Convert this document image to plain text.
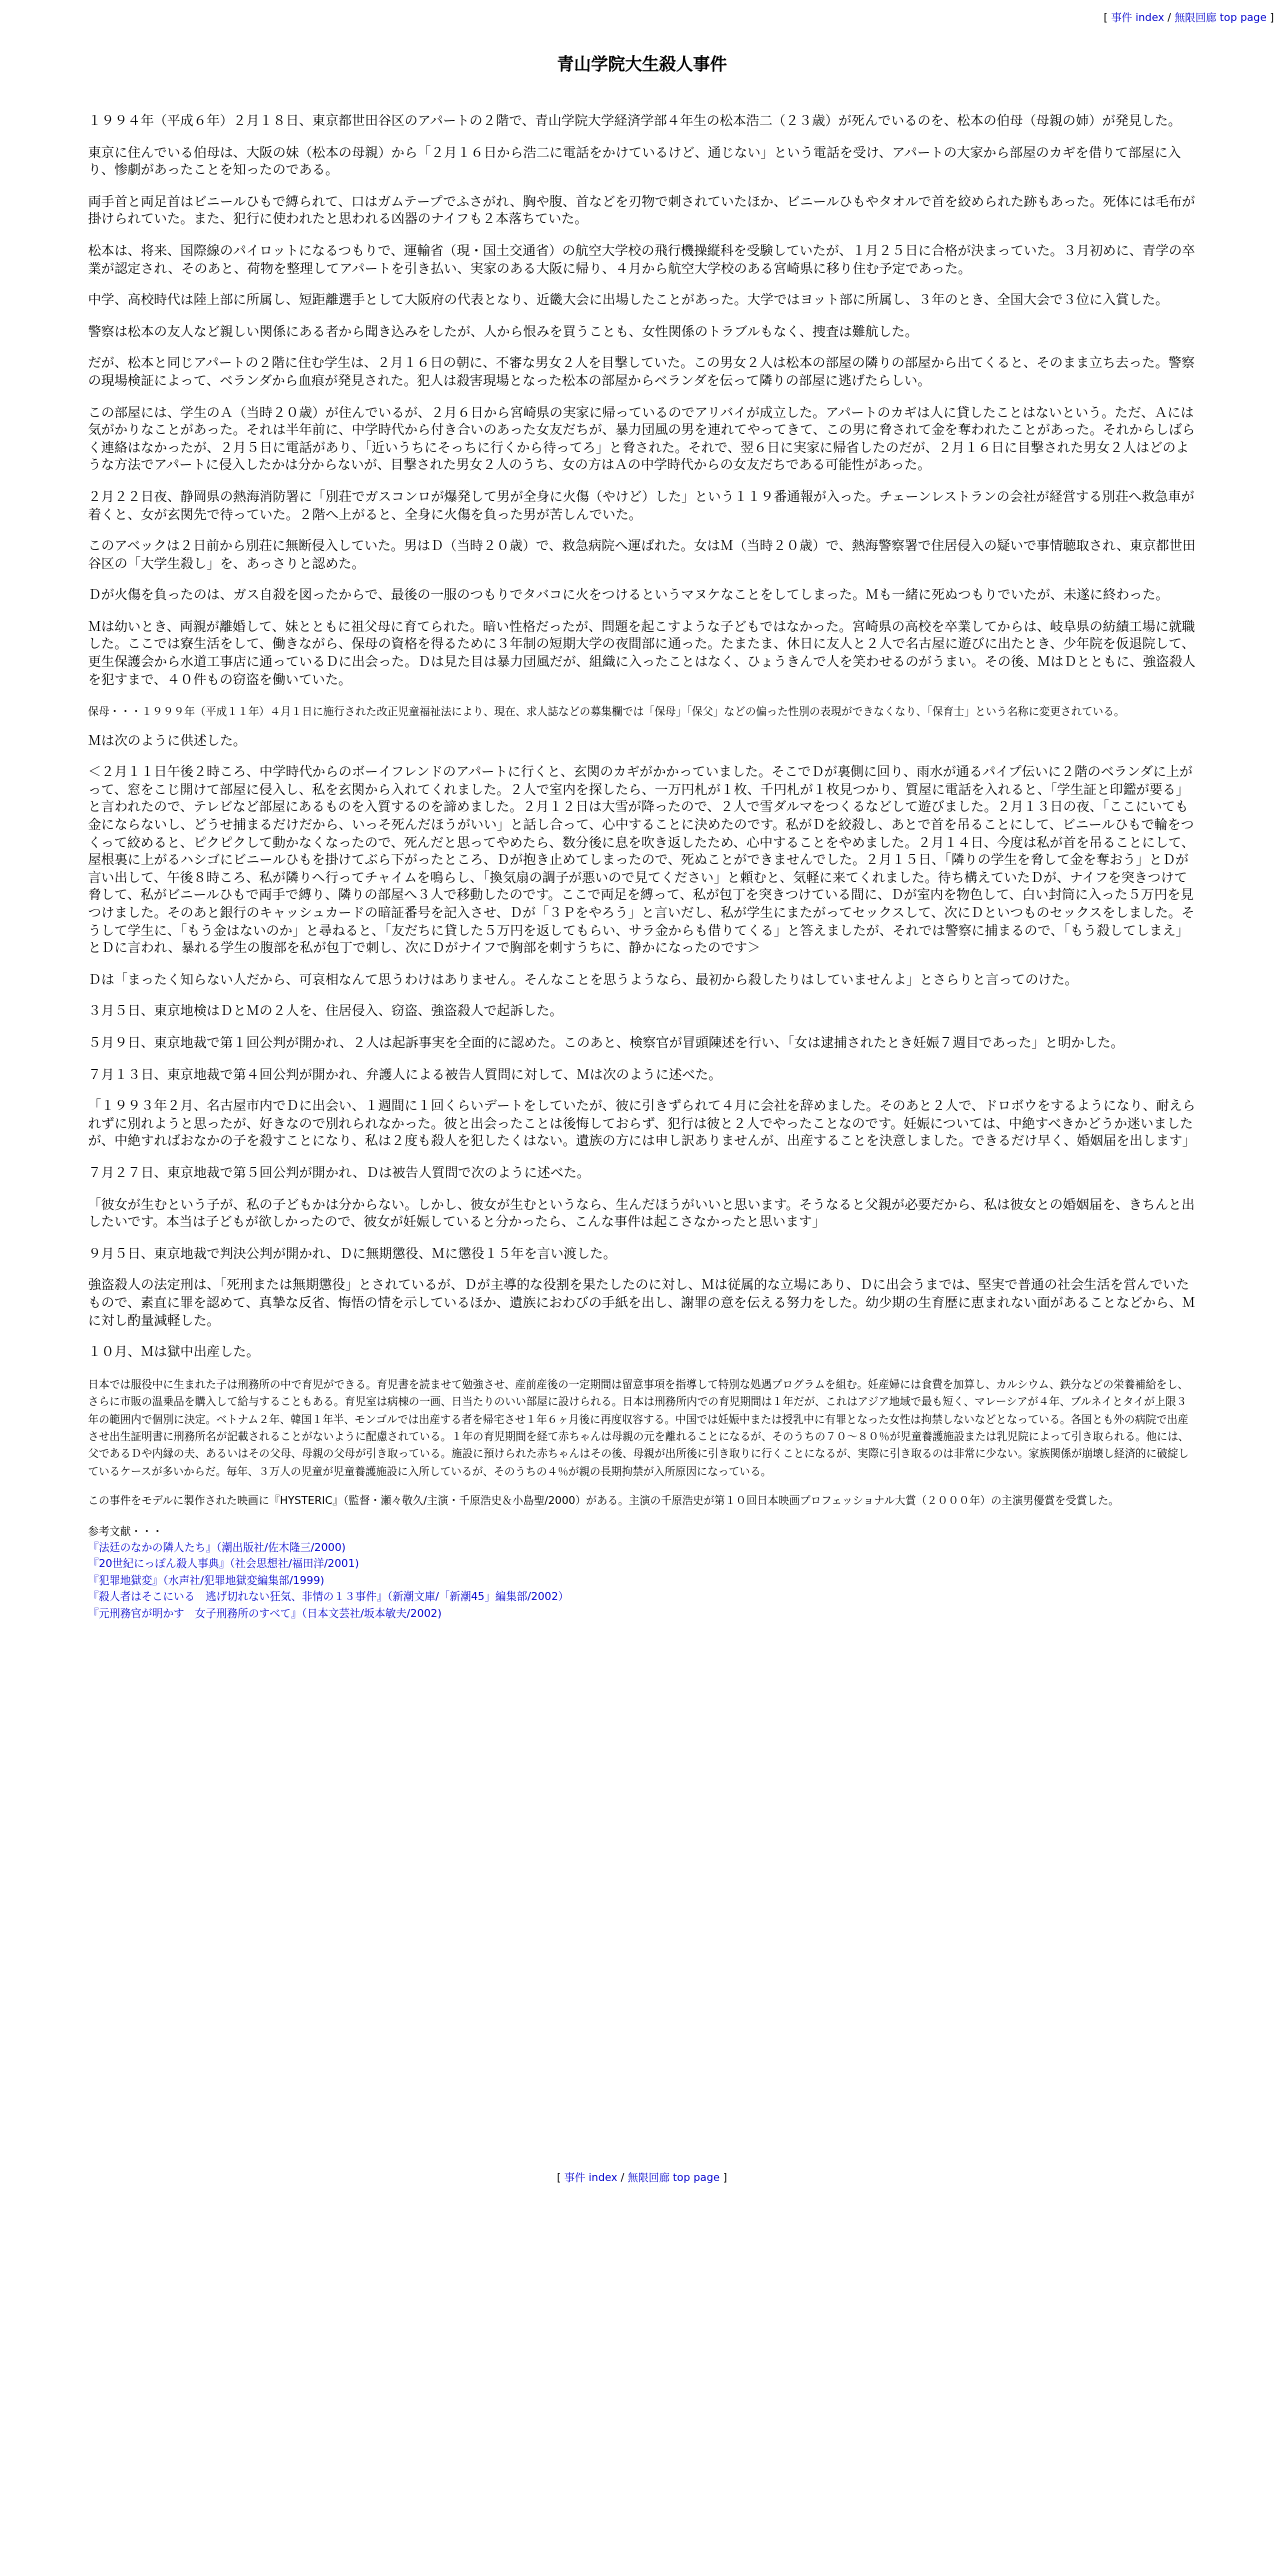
[ 事件 index / 無限回廊 top page ]
青山学院大生殺人事件

１９９４年（平成６年）２月１８日、東京都世田谷区のアパートの２階で、青山学院大学経済学部４年生の松本浩二（２３歳）が死んでいるのを、松本の伯母（母親の姉）が発見した。

東京に住んでいる伯母は、大阪の妹（松本の母親）から「２月１６日から浩二に電話をかけているけど、通じない」という電話を受け、アパートの大家から部屋のカギを借りて部屋に入り、惨劇があったことを知ったのである。

両手首と両足首はビニールひもで縛られて、口はガムテープでふさがれ、胸や腹、首などを刃物で刺されていたほか、ビニールひもやタオルで首を絞められた跡もあった。死体には毛布が掛けられていた。また、犯行に使われたと思われる凶器のナイフも２本落ちていた。

松本は、将来、国際線のパイロットになるつもりで、運輸省（現・国土交通省）の航空大学校の飛行機操縦科を受験していたが、１月２５日に合格が決まっていた。３月初めに、青学の卒業が認定され、そのあと、荷物を整理してアパートを引き払い、実家のある大阪に帰り、４月から航空大学校のある宮崎県に移り住む予定であった。

中学、高校時代は陸上部に所属し、短距離選手として大阪府の代表となり、近畿大会に出場したことがあった。大学ではヨット部に所属し、３年のとき、全国大会で３位に入賞した。

警察は松本の友人など親しい関係にある者から聞き込みをしたが、人から恨みを買うことも、女性関係のトラブルもなく、捜査は難航した。

だが、松本と同じアパートの２階に住む学生は、２月１６日の朝に、不審な男女２人を目撃していた。この男女２人は松本の部屋の隣りの部屋から出てくると、そのまま立ち去った。警察の現場検証によって、ベランダから血痕が発見された。犯人は殺害現場となった松本の部屋からベランダを伝って隣りの部屋に逃げたらしい。

この部屋には、学生のＡ（当時２０歳）が住んでいるが、２月６日から宮崎県の実家に帰っているのでアリバイが成立した。アパートのカギは人に貸したことはないという。ただ、Ａには気がかりなことがあった。それは半年前に、中学時代から付き合いのあった女友だちが、暴力団風の男を連れてやってきて、この男に脅されて金を奪われたことがあった。それからしばらく連絡はなかったが、２月５日に電話があり、「近いうちにそっちに行くから待ってろ」と脅された。それで、翌６日に実家に帰省したのだが、２月１６日に目撃された男女２人はどのような方法でアパートに侵入したかは分からないが、目撃された男女２人のうち、女の方はＡの中学時代からの女友だちである可能性があった。

２月２２日夜、静岡県の熱海消防署に「別荘でガスコンロが爆発して男が全身に火傷（やけど）した」という１１９番通報が入った。チェーンレストランの会社が経営する別荘へ救急車が着くと、女が玄関先で待っていた。２階へ上がると、全身に火傷を負った男が苦しんでいた。

このアベックは２日前から別荘に無断侵入していた。男はＤ（当時２０歳）で、救急病院へ運ばれた。女はＭ（当時２０歳）で、熱海警察署で住居侵入の疑いで事情聴取され、東京都世田谷区の「大学生殺し」を、あっさりと認めた。

Ｄが火傷を負ったのは、ガス自殺を図ったからで、最後の一服のつもりでタバコに火をつけるというマヌケなことをしてしまった。Ｍも一緒に死ぬつもりでいたが、未遂に終わった。

Ｍは幼いとき、両親が離婚して、妹とともに祖父母に育てられた。暗い性格だったが、問題を起こすような子どもではなかった。宮崎県の高校を卒業してからは、岐阜県の紡績工場に就職した。ここでは寮生活をして、働きながら、保母の資格を得るために３年制の短期大学の夜間部に通った。たまたま、休日に友人と２人で名古屋に遊びに出たとき、少年院を仮退院して、更生保護会から水道工事店に通っているＤに出会った。Ｄは見た目は暴力団風だが、組織に入ったことはなく、ひょうきんで人を笑わせるのがうまい。その後、ＭはＤとともに、強盗殺人を犯すまで、４０件もの窃盗を働いていた。

保母・・・１９９９年（平成１１年）４月１日に施行された改正児童福祉法により、現在、求人誌などの募集欄では「保母」「保父」などの偏った性別の表現ができなくなり、「保育士」という名称に変更されている。

Ｍは次のように供述した。

＜２月１１日午後２時ころ、中学時代からのボーイフレンドのアパートに行くと、玄関のカギがかかっていました。そこでＤが裏側に回り、雨水が通るパイプ伝いに２階のベランダに上がって、窓をこじ開けて部屋に侵入し、私を玄関から入れてくれました。２人で室内を探したら、一万円札が１枚、千円札が１枚見つかり、質屋に電話を入れると、「学生証と印鑑が要る」と言われたので、テレビなど部屋にあるものを入質するのを諦めました。２月１２日は大雪が降ったので、２人で雪ダルマをつくるなどして遊びました。２月１３日の夜、「ここにいても金にならないし、どうせ捕まるだけだから、いっそ死んだほうがいい」と話し合って、心中することに決めたのです。私がＤを絞殺し、あとで首を吊ることにして、ビニールひもで輪をつくって絞めると、ピクピクして動かなくなったので、死んだと思ってやめたら、数分後に息を吹き返したため、心中することをやめました。２月１４日、今度は私が首を吊ることにして、屋根裏に上がるハシゴにビニールひもを掛けてぶら下がったところ、Ｄが抱き止めてしまったので、死ぬことができませんでした。２月１５日、「隣りの学生を脅して金を奪おう」とＤが言い出して、午後８時ころ、私が隣りへ行ってチャイムを鳴らし、「換気扇の調子が悪いので見てください」と頼むと、気軽に来てくれました。待ち構えていたＤが、ナイフを突きつけて脅して、私がビニールひもで両手で縛り、隣りの部屋へ３人で移動したのです。ここで両足を縛って、私が包丁を突きつけている間に、Ｄが室内を物色して、白い封筒に入った５万円を見つけました。そのあと銀行のキャッシュカードの暗証番号を記入させ、Ｄが「３Ｐをやろう」と言いだし、私が学生にまたがってセックスして、次にＤといつものセックスをしました。そうして学生に、「もう金はないのか」と尋ねると、「友だちに貸した５万円を返してもらい、サラ金からも借りてくる」と答えましたが、それでは警察に捕まるので、「もう殺してしまえ」とＤに言われ、暴れる学生の腹部を私が包丁で刺し、次にＤがナイフで胸部を刺すうちに、静かになったのです＞

Ｄは「まったく知らない人だから、可哀相なんて思うわけはありません。そんなことを思うようなら、最初から殺したりはしていませんよ」とさらりと言ってのけた。

３月５日、東京地検はＤとＭの２人を、住居侵入、窃盗、強盗殺人で起訴した。

５月９日、東京地裁で第１回公判が開かれ、２人は起訴事実を全面的に認めた。このあと、検察官が冒頭陳述を行い、「女は逮捕されたとき妊娠７週目であった」と明かした。

７月１３日、東京地裁で第４回公判が開かれ、弁護人による被告人質問に対して、Ｍは次のように述べた。

「１９９３年２月、名古屋市内でＤに出会い、１週間に１回くらいデートをしていたが、彼に引きずられて４月に会社を辞めました。そのあと２人で、ドロボウをするようになり、耐えられずに別れようと思ったが、好きなので別れられなかった。彼と出会ったことは後悔しておらず、犯行は彼と２人でやったことなのです。妊娠については、中絶すべきかどうか迷いましたが、中絶すればおなかの子を殺すことになり、私は２度も殺人を犯したくはない。遺族の方には申し訳ありませんが、出産することを決意しました。できるだけ早く、婚姻届を出します」

７月２７日、東京地裁で第５回公判が開かれ、Ｄは被告人質問で次のように述べた。

「彼女が生むという子が、私の子どもかは分からない。しかし、彼女が生むというなら、生んだほうがいいと思います。そうなると父親が必要だから、私は彼女との婚姻届を、きちんと出したいです。本当は子どもが欲しかったので、彼女が妊娠していると分かったら、こんな事件は起こさなかったと思います」

９月５日、東京地裁で判決公判が開かれ、Ｄに無期懲役、Ｍに懲役１５年を言い渡した。

強盗殺人の法定刑は、「死刑または無期懲役」とされているが、Ｄが主導的な役割を果たしたのに対し、Ｍは従属的な立場にあり、Ｄに出会うまでは、堅実で普通の社会生活を営んでいたもので、素直に罪を認めて、真摯な反省、悔悟の情を示しているほか、遺族におわびの手紙を出し、謝罪の意を伝える努力をした。幼少期の生育歴に恵まれない面があることなどから、Ｍに対し酌量減軽した。

１０月、Ｍは獄中出産した。

日本では服役中に生まれた子は刑務所の中で育児ができる。育児書を読ませて勉強させ、産前産後の一定期間は留意事項を指導して特別な処遇プログラムを組む。妊産婦には食費を加算し、カルシウム、鉄分などの栄養補給をし、さらに市販の温乗品を購入して給与することもある。育児室は病棟の一画、日当たりのいい部屋に設けられる。日本は刑務所内での育児期間は１年だが、これはアジア地域で最も短く、マレーシアが４年、ブルネイとタイが上限３年の範囲内で個別に決定。ベトナム２年、韓国１年半、モンゴルでは出産する者を帰宅させ１年６ヶ月後に再度収容する。中国では妊娠中または授乳中に有罪となった女性は拘禁しないなどとなっている。各国とも外の病院で出産させ出生証明書に刑務所名が記載されることがないように配慮されている。１年の育児期間を経て赤ちゃんは母親の元を離れることになるが、そのうちの７０～８０％が児童養護施設または乳児院によって引き取られる。他には、父であるＤや内縁の夫、あるいはその父母、母親の父母が引き取っている。施設に預けられた赤ちゃんはその後、母親が出所後に引き取りに行くことになるが、実際に引き取るのは非常に少ない。家族関係が崩壊し経済的に破綻しているケースが多いからだ。毎年、３万人の児童が児童養護施設に入所しているが、そのうちの４％が親の長期拘禁が入所原因になっている。

この事件をモデルに製作された映画に『HYSTERIC』（監督・瀬々敬久/主演・千原浩史＆小島聖/2000）がある。主演の千原浩史が第１０回日本映画プロフェッショナル大賞（２０００年）の主演男優賞を受賞した。

参考文献・・・
『法廷のなかの隣人たち』（潮出版社/佐木隆三/2000)
『20世紀にっぽん殺人事典』（社会思想社/福田洋/2001)
『犯罪地獄変』（水声社/犯罪地獄変編集部/1999)
『殺人者はそこにいる　逃げ切れない狂気、非情の１３事件』（新潮文庫/「新潮45」編集部/2002）
『元刑務官が明かす　女子刑務所のすべて』（日本文芸社/坂本敏夫/2002)
[ 事件 index / 無限回廊 top page ]
